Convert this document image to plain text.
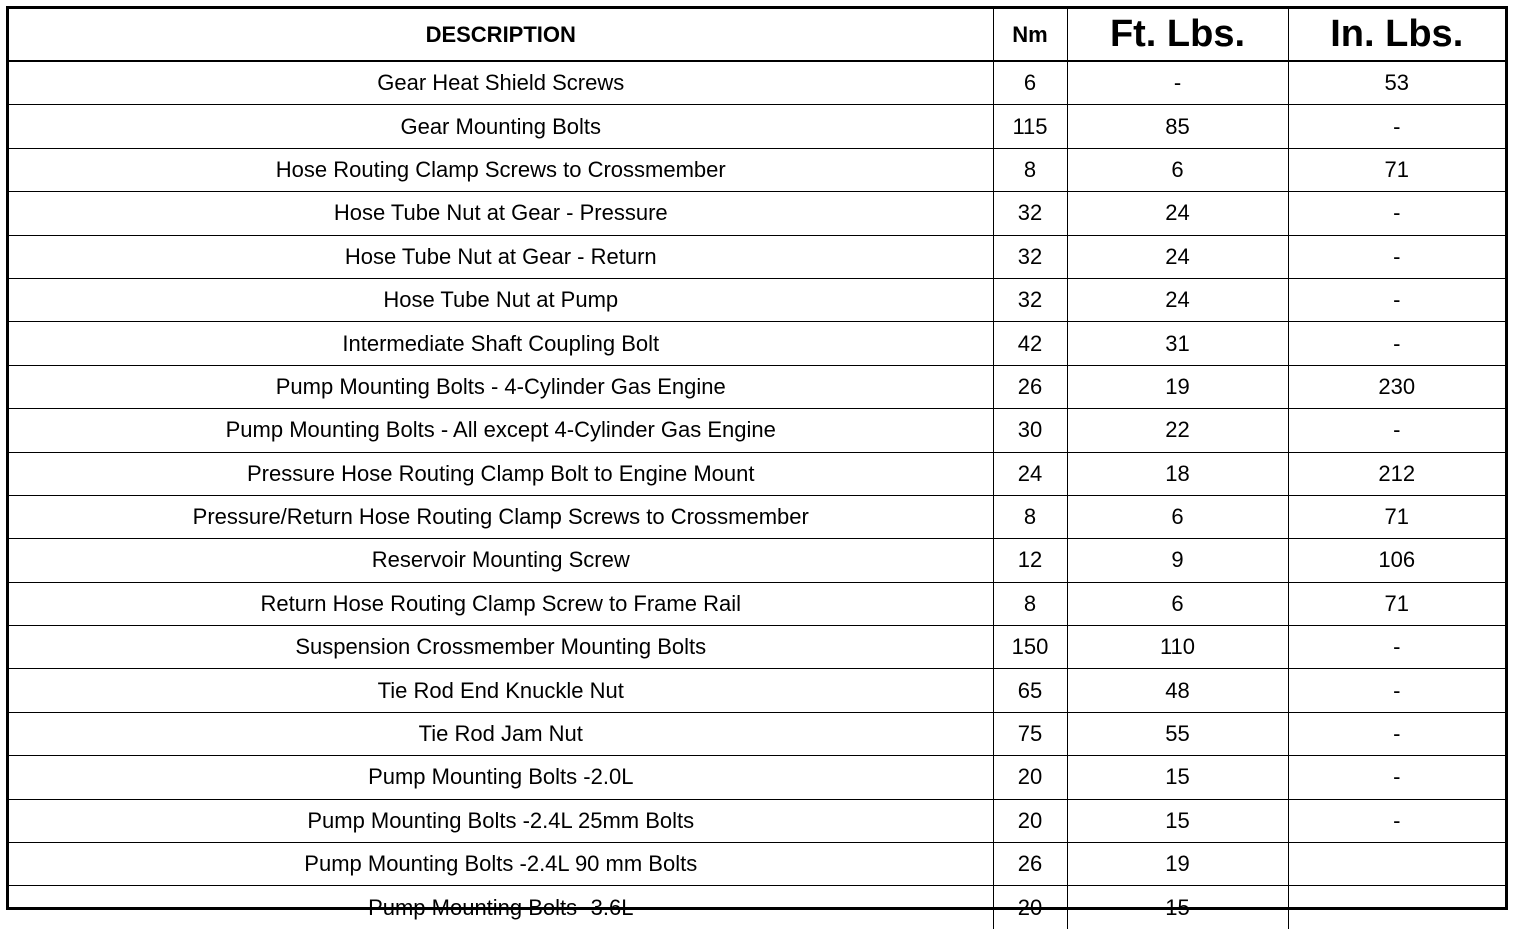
DESCRIPTION	Nm	Ft. Lbs.	In. Lbs.
Gear Heat Shield Screws	6	-	53
Gear Mounting Bolts	115	85	-
Hose Routing Clamp Screws to Crossmember	8	6	71
Hose Tube Nut at Gear - Pressure	32	24	-
Hose Tube Nut at Gear - Return	32	24	-
Hose Tube Nut at Pump	32	24	-
Intermediate Shaft Coupling Bolt	42	31	-
Pump Mounting Bolts - 4-Cylinder Gas Engine	26	19	230
Pump Mounting Bolts - All except 4-Cylinder Gas Engine	30	22	-
Pressure Hose Routing Clamp Bolt to Engine Mount	24	18	212
Pressure/Return Hose Routing Clamp Screws to Crossmember	8	6	71
Reservoir Mounting Screw	12	9	106
Return Hose Routing Clamp Screw to Frame Rail	8	6	71
Suspension Crossmember Mounting Bolts	150	110	-
Tie Rod End Knuckle Nut	65	48	-
Tie Rod Jam Nut	75	55	-
Pump Mounting Bolts -2.0L	20	15	-
Pump Mounting Bolts -2.4L 25mm Bolts	20	15	-
Pump Mounting Bolts -2.4L 90 mm Bolts	26	19	
Pump Mounting Bolts -3.6L	20	15	-
